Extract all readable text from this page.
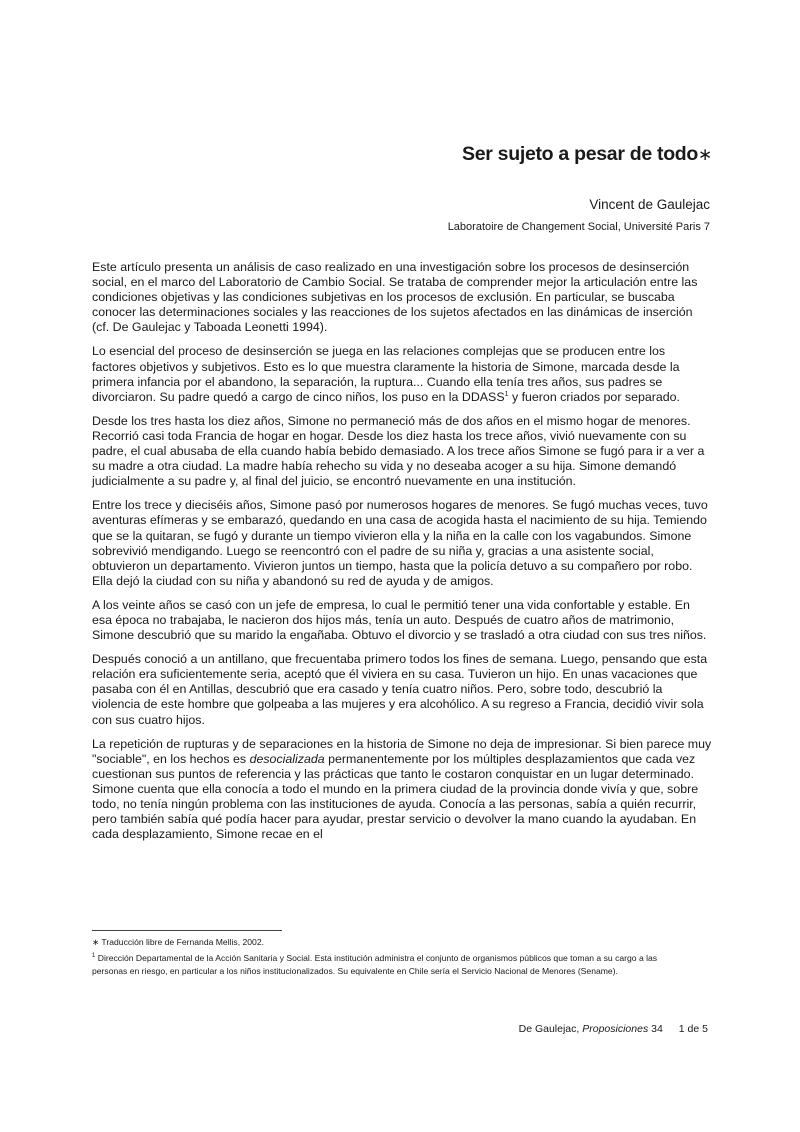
Ser sujeto a pesar de todo∗
Vincent de Gaulejac
Laboratoire de Changement Social, Université Paris 7

Este artículo presenta un análisis de caso realizado en una investigación sobre los procesos de desinserción social, en el marco del Laboratorio de Cambio Social. Se trataba de comprender mejor la articulación entre las condiciones objetivas y las condiciones subjetivas en los procesos de exclusión. En particular, se buscaba conocer las determinaciones sociales y las reacciones de los sujetos afectados en las dinámicas de inserción (cf. De Gaulejac y Taboada Leonetti 1994).

Lo esencial del proceso de desinserción se juega en las relaciones complejas que se producen entre los factores objetivos y subjetivos. Esto es lo que muestra claramente la historia de Simone, marcada desde la primera infancia por el abandono, la separación, la ruptura... Cuando ella tenía tres años, sus padres se divorciaron. Su padre quedó a cargo de cinco niños, los puso en la DDASS$^1$ y fueron criados por separado.

Desde los tres hasta los diez años, Simone no permaneció más de dos años en el mismo hogar de menores. Recorrió casi toda Francia de hogar en hogar. Desde los diez hasta los trece años, vivió nuevamente con su padre, el cual abusaba de ella cuando había bebido demasiado. A los trece años Simone se fugó para ir a ver a su madre a otra ciudad. La madre había rehecho su vida y no deseaba acoger a su hija. Simone demandó judicialmente a su padre y, al final del juicio, se encontró nuevamente en una institución.

Entre los trece y dieciséis años, Simone pasó por numerosos hogares de menores. Se fugó muchas veces, tuvo aventuras efímeras y se embarazó, quedando en una casa de acogida hasta el nacimiento de su hija. Temiendo que se la quitaran, se fugó y durante un tiempo vivieron ella y la niña en la calle con los vagabundos. Simone sobrevivió mendigando. Luego se reencontró con el padre de su niña y, gracias a una asistente social, obtuvieron un departamento. Vivieron juntos un tiempo, hasta que la policía detuvo a su compañero por robo. Ella dejó la ciudad con su niña y abandonó su red de ayuda y de amigos.

A los veinte años se casó con un jefe de empresa, lo cual le permitió tener una vida confortable y estable. En esa época no trabajaba, le nacieron dos hijos más, tenía un auto. Después de cuatro años de matrimonio, Simone descubrió que su marido la engañaba. Obtuvo el divorcio y se trasladó a otra ciudad con sus tres niños.

Después conoció a un antillano, que frecuentaba primero todos los fines de semana. Luego, pensando que esta relación era suficientemente seria, aceptó que él viviera en su casa. Tuvieron un hijo. En unas vacaciones que pasaba con él en Antillas, descubrió que era casado y tenía cuatro niños. Pero, sobre todo, descubrió la violencia de este hombre que golpeaba a las mujeres y era alcohólico. A su regreso a Francia, decidió vivir sola con sus cuatro hijos.

La repetición de rupturas y de separaciones en la historia de Simone no deja de impresionar. Si bien parece muy "sociable", en los hechos es desocializada permanentemente por los múltiples desplazamientos que cada vez cuestionan sus puntos de referencia y las prácticas que tanto le costaron conquistar en un lugar determinado. Simone cuenta que ella conocía a todo el mundo en la primera ciudad de la provincia donde vivía y que, sobre todo, no tenía ningún problema con las instituciones de ayuda. Conocía a las personas, sabía a quién recurrir, pero también sabía qué podía hacer para ayudar, prestar servicio o devolver la mano cuando la ayudaban. En cada desplazamiento, Simone recae en el

∗ Traducción libre de Fernanda Mellis, 2002.

$^1$ Dirección Departamental de la Acción Sanitaria y Social. Esta institución administra el conjunto de organismos públicos que toman a su cargo a las personas en riesgo, en particular a los niños institucionalizados. Su equivalente en Chile sería el Servicio Nacional de Menores (Sename).

De Gaulejac, Proposiciones 34 1 de 5
